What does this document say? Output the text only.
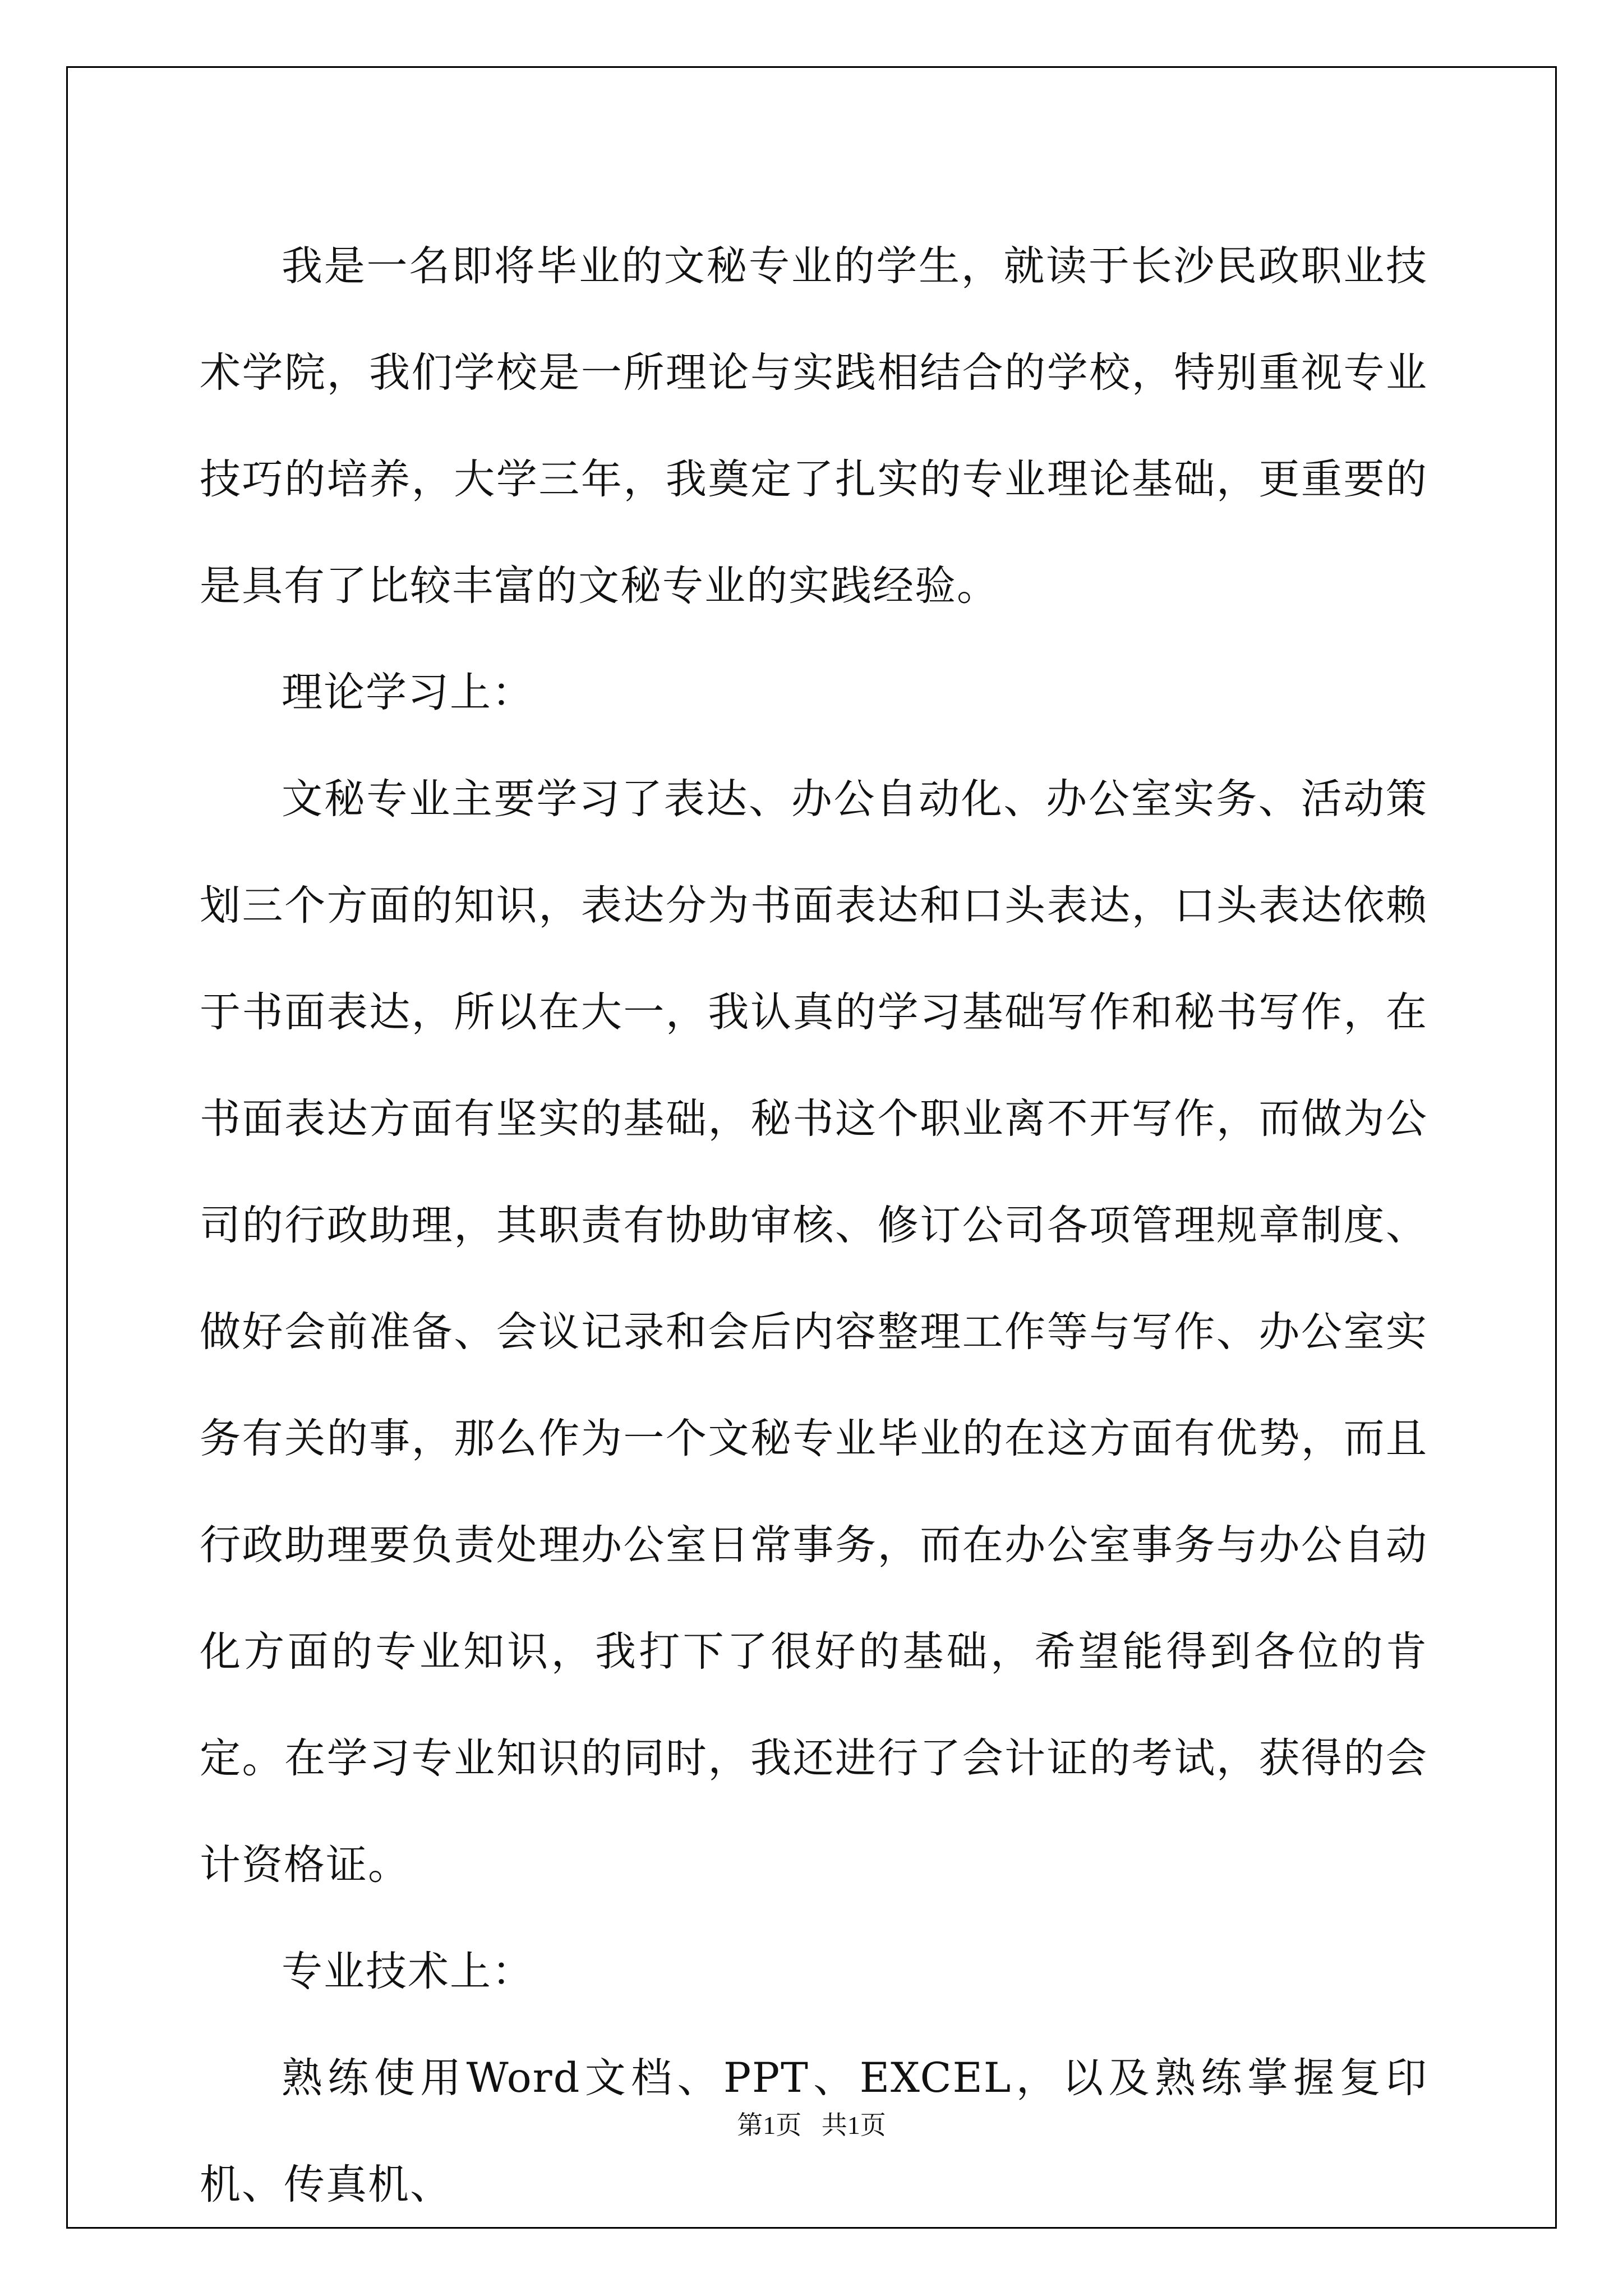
我是一名即将毕业的文秘专业的学生，就读于长沙民政职业技术学院，我们学校是一所理论与实践相结合的学校，特别重视专业技巧的培养，大学三年，我奠定了扎实的专业理论基础，更重要的是具有了比较丰富的文秘专业的实践经验。

理论学习上：

文秘专业主要学习了表达、办公自动化、办公室实务、活动策划三个方面的知识，表达分为书面表达和口头表达，口头表达依赖于书面表达，所以在大一，我认真的学习基础写作和秘书写作，在书面表达方面有坚实的基础，秘书这个职业离不开写作，而做为公司的行政助理，其职责有协助审核、修订公司各项管理规章制度、做好会前准备、会议记录和会后内容整理工作等与写作、办公室实务有关的事，那么作为一个文秘专业毕业的在这方面有优势，而且行政助理要负责处理办公室日常事务，而在办公室事务与办公自动化方面的专业知识，我打下了很好的基础，希望能得到各位的肯定。在学习专业知识的同时，我还进行了会计证的考试，获得的会计资格证。

专业技术上：

熟练使用Word文档、PPT、EXCEL，以及熟练掌握复印机、传真机、

第1页 共1页
